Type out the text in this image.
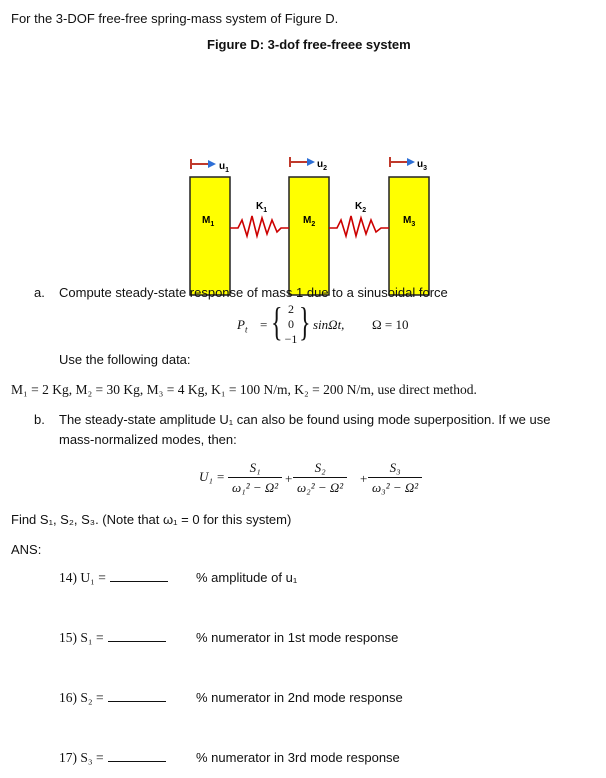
For the 3-DOF free-free spring-mass system of Figure D.
Figure D: 3-dof free-freee system
$u_1$
$u_2$	$u_3$
$M_1$	$M_2$	$M_3$
$K_1$	$K_2$
a. Compute steady-state response of mass 1 due to a sinusoidal force
$P_t$ = { 2
0
−1 } sinΩt, Ω = 10
Use the following data:
M₁ = 2 Kg, M₂ = 30 Kg, M₃ = 4 Kg, K₁ = 100 N/m, K₂ = 200 N/m, use direct method.
b. The steady-state amplitude U₁ can also be found using mode superposition. If we use
mass-normalized modes, then:
$U_1 = \frac{\text{S₁}}{\text{ω₁² − Ω²}} + \frac{\text{S₂}}{\text{ω₂² − Ω²}} + \frac{\text{S₃}}{\text{ω₃² − Ω²}}$
Find S₁, S₂, S₃. (Note that ω₁ = 0 for this system)
ANS:
14) U₁ =	% amplitude of u₁
15) S₁ =	% numerator in 1st mode response
16) S₂ =	% numerator in 2nd mode response
17) S₃ =	% numerator in 3rd mode response
